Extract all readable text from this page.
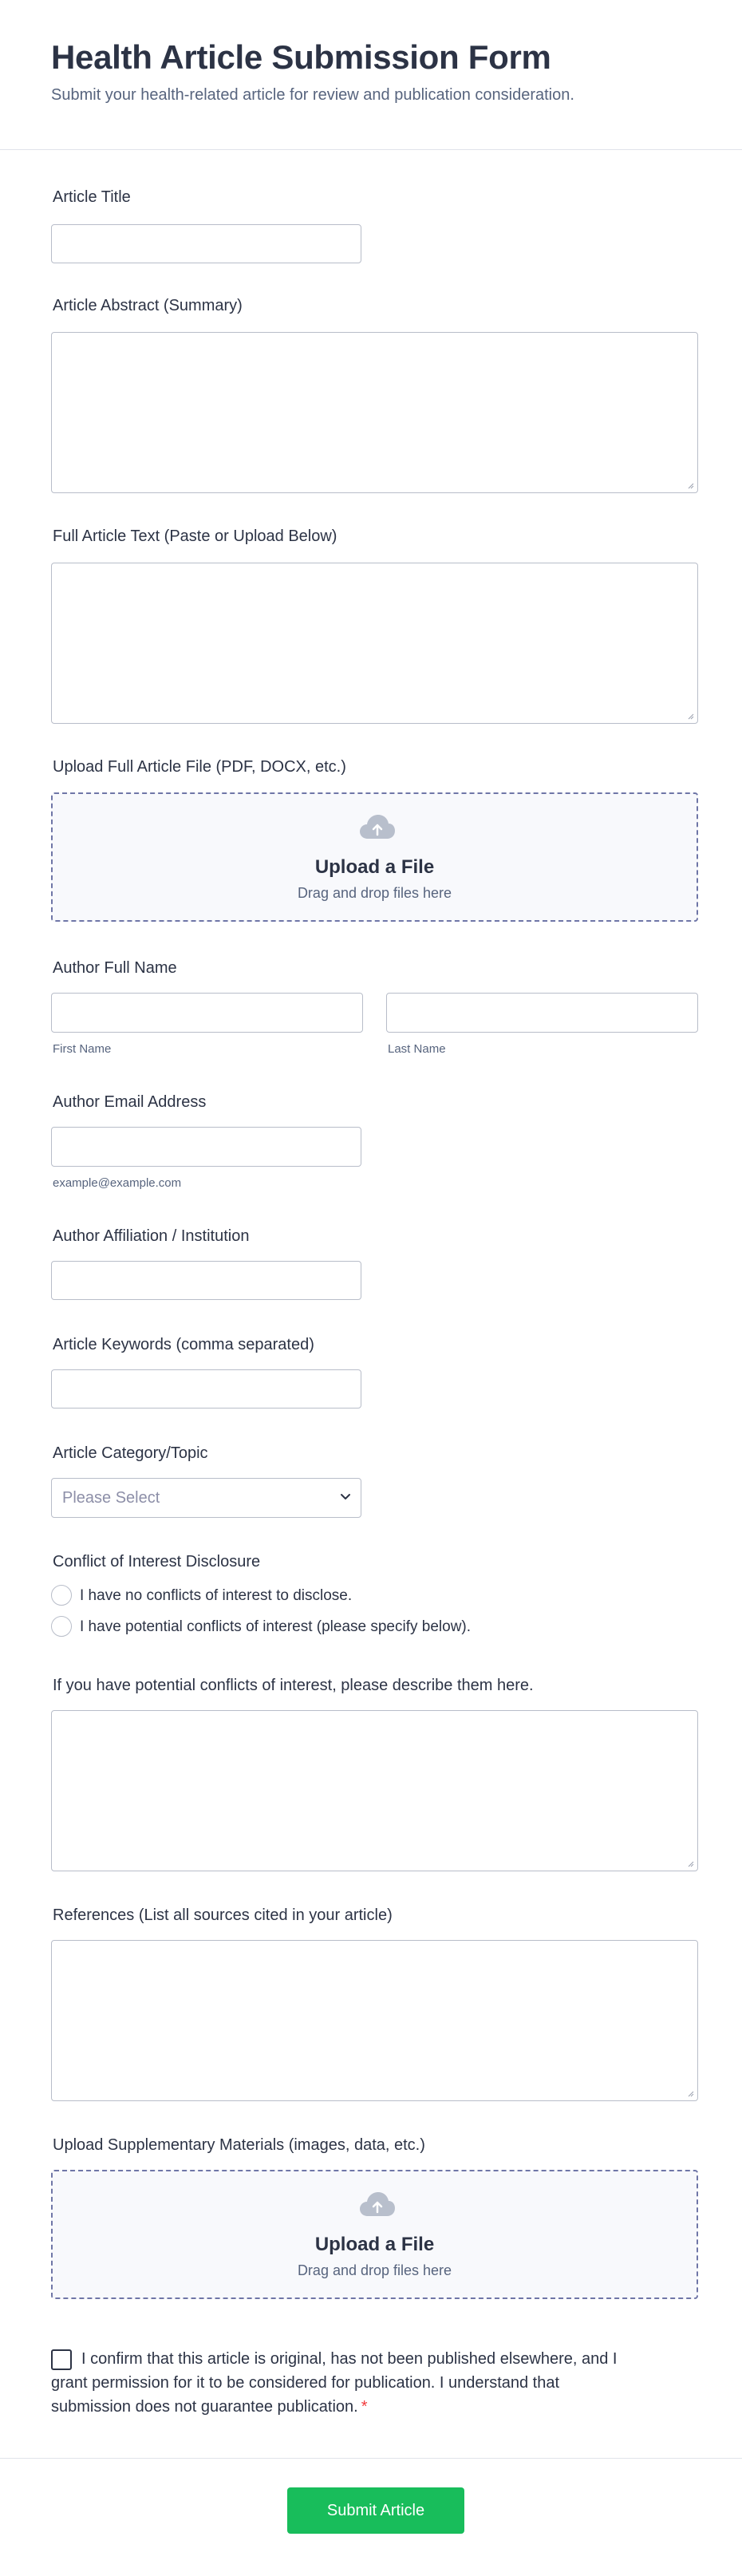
Health Article Submission Form
Submit your health-related article for review and publication consideration.
Article Title
Article Abstract (Summary)
Full Article Text (Paste or Upload Below)
Upload Full Article File (PDF, DOCX, etc.)
Upload a File
Drag and drop files here
Author Full Name
First Name	Last Name
Author Email Address
example@example.com
Author Affiliation / Institution
Article Keywords (comma separated)
Article Category/Topic
Please Select
Conflict of Interest Disclosure
I have no conflicts of interest to disclose.
I have potential conflicts of interest (please specify below).
If you have potential conflicts of interest, please describe them here.
References (List all sources cited in your article)
Upload Supplementary Materials (images, data, etc.)
Upload a File
Drag and drop files here
I confirm that this article is original, has not been published elsewhere, and I grant permission for it to be considered for publication. I understand that submission does not guarantee publication. *
Submit Article
